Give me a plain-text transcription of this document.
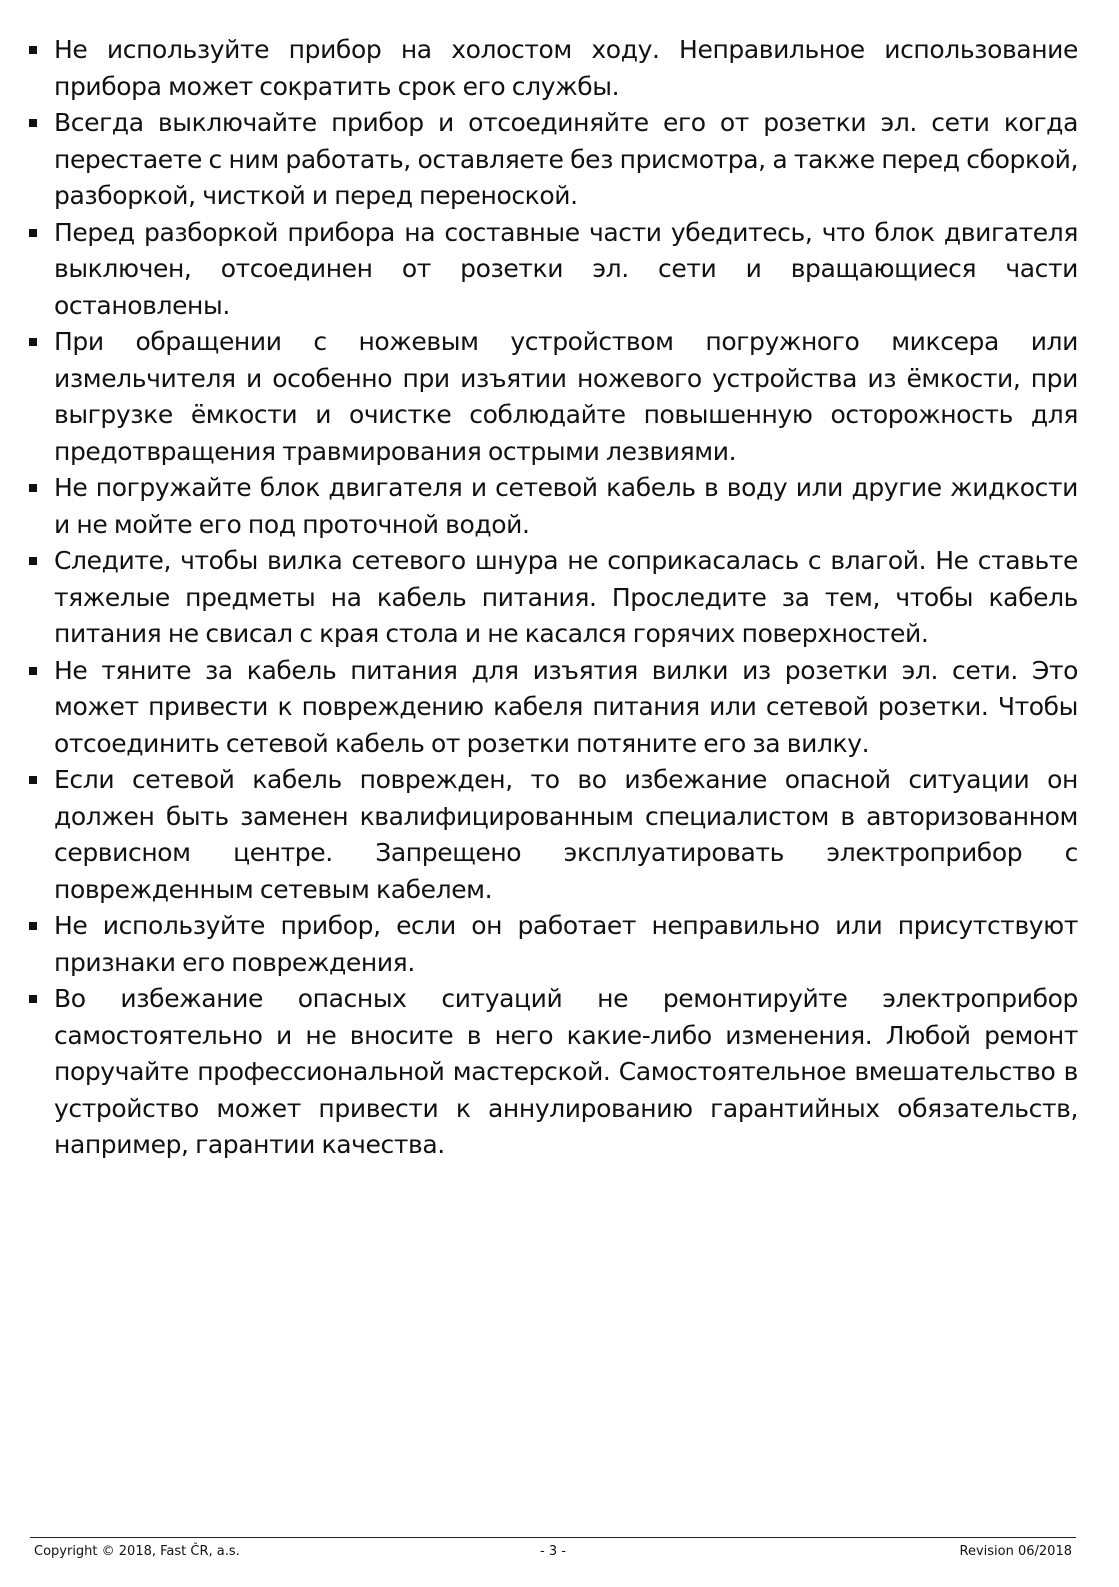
Не используйте прибор на холостом ходу. Неправильное использование прибора может сократить срок его службы.
Всегда выключайте прибор и отсоединяйте его от розетки эл. сети когда перестаете с ним работать, оставляете без присмотра, а также перед сборкой, разборкой, чисткой и перед переноской.
Перед разборкой прибора на составные части убедитесь, что блок двигателя выключен, отсоединен от розетки эл. сети и вращающиеся части остановлены.
При обращении с ножевым устройством погружного миксера или измельчителя и особенно при изъятии ножевого устройства из ёмкости, при выгрузке ёмкости и очистке соблюдайте повышенную осторожность для предотвращения травмирования острыми лезвиями.
Не погружайте блок двигателя и сетевой кабель в воду или другие жидкости и не мойте его под проточной водой.
Следите, чтобы вилка сетевого шнура не соприкасалась с влагой. Не ставьте тяжелые предметы на кабель питания. Проследите за тем, чтобы кабель питания не свисал с края стола и не касался горячих поверхностей.
Не тяните за кабель питания для изъятия вилки из розетки эл. сети. Это может привести к повреждению кабеля питания или сетевой розетки. Чтобы отсоединить сетевой кабель от розетки потяните его за вилку.
Если сетевой кабель поврежден, то во избежание опасной ситуации он должен быть заменен квалифицированным специалистом в авторизованном сервисном центре. Запрещено эксплуатировать электроприбор с поврежденным сетевым кабелем.
Не используйте прибор, если он работает неправильно или присутствуют признаки его повреждения.
Во избежание опасных ситуаций не ремонтируйте электроприбор самостоятельно и не вносите в него какие-либо изменения. Любой ремонт поручайте профессиональной мастерской. Самостоятельное вмешательство в устройство может привести к аннулированию гарантийных обязательств, например, гарантии качества.
Copyright © 2018, Fast ČR, a.s.	- 3 -	Revision 06/2018
